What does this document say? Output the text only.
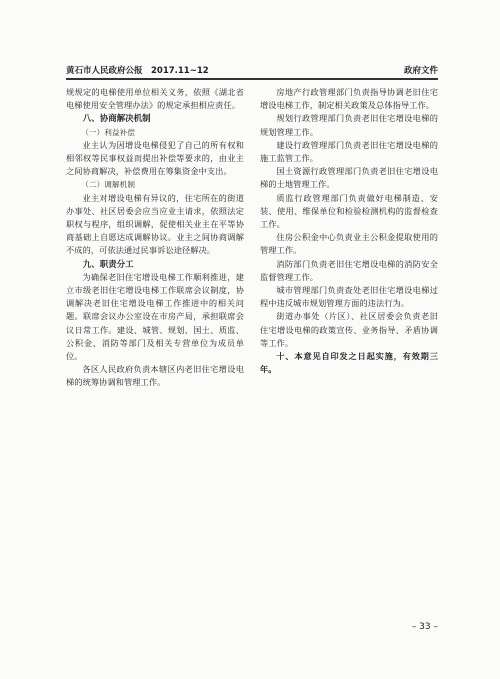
黄石市人民政府公报　2017.11~12	政府文件

规规定的电梯使用单位相关义务，依照《湖北省电梯使用安全管理办法》的规定承担相应责任。

八、协商解决机制

（一）利益补偿

业主认为因增设电梯侵犯了自己的所有权和相邻权等民事权益而提出补偿等要求的，由业主之间协商解决，补偿费用在筹集资金中支出。

（二）调解机制

业主对增设电梯有异议的，住宅所在的街道办事处、社区居委会应当应业主请求，依照法定职权与程序，组织调解，促使相关业主在平等协商基础上自愿达成调解协议。业主之间协商调解不成的，可依法通过民事诉讼途径解决。

九、职责分工

为确保老旧住宅增设电梯工作顺利推进，建立市级老旧住宅增设电梯工作联席会议制度，协调解决老旧住宅增设电梯工作推进中的相关问题。联席会议办公室设在市房产局，承担联席会议日常工作。建设、城管、规划、国土、质监、公积金、消防等部门及相关专营单位为成员单位。

各区人民政府负责本辖区内老旧住宅增设电梯的统筹协调和管理工作。

房地产行政管理部门负责指导协调老旧住宅增设电梯工作，制定相关政策及总体指导工作。

规划行政管理部门负责老旧住宅增设电梯的规划管理工作。

建设行政管理部门负责老旧住宅增设电梯的施工监管工作。

国土资源行政管理部门负责老旧住宅增设电梯的土地管理工作。

质监行政管理部门负责做好电梯制造、安装、使用、维保单位和检验检测机构的监督检查工作。

住房公积金中心负责业主公积金提取使用的管理工作。

消防部门负责老旧住宅增设电梯的消防安全监督管理工作。

城市管理部门负责查处老旧住宅增设电梯过程中违反城市规划管理方面的违法行为。

街道办事处（片区）、社区居委会负责老旧住宅增设电梯的政策宣传、业务指导、矛盾协调等工作。

十、本意见自印发之日起实施，有效期三年。

– 33 –
